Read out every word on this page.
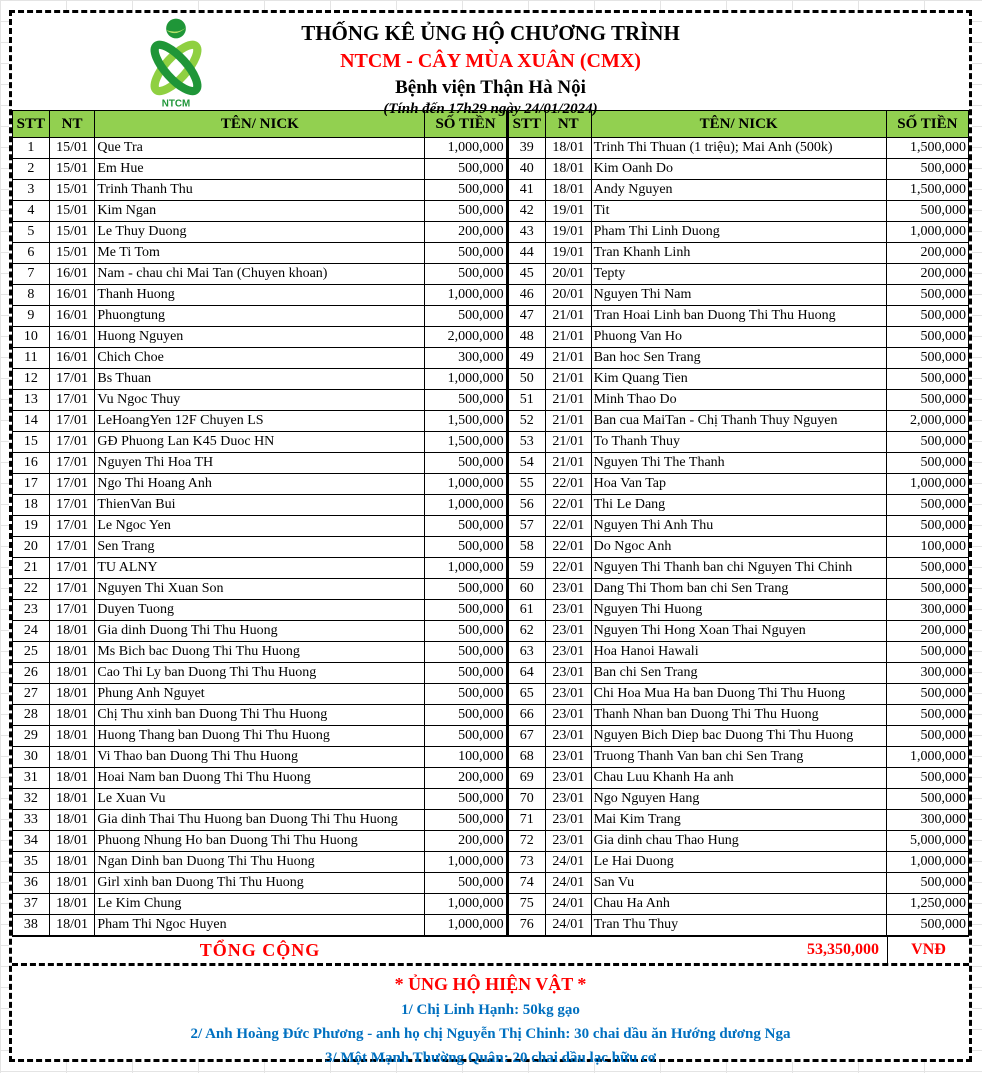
NTCM
THỐNG KÊ ỦNG HỘ CHƯƠNG TRÌNH
NTCM - CÂY MÙA XUÂN (CMX)
Bệnh viện Thận Hà Nội
(Tính đến 17h29 ngày 24/01/2024)
STT	NT	TÊN/ NICK	SỐ TIỀN
1	15/01	Que Tra	1,000,000
2	15/01	Em Hue	500,000
3	15/01	Trinh Thanh Thu	500,000
4	15/01	Kim Ngan	500,000
5	15/01	Le Thuy Duong	200,000
6	15/01	Me Ti Tom	500,000
7	16/01	Nam - chau chi Mai Tan (Chuyen khoan)	500,000
8	16/01	Thanh Huong	1,000,000
9	16/01	Phuongtung	500,000
10	16/01	Huong Nguyen	2,000,000
11	16/01	Chich Choe	300,000
12	17/01	Bs Thuan	1,000,000
13	17/01	Vu Ngoc Thuy	500,000
14	17/01	LeHoangYen 12F Chuyen LS	1,500,000
15	17/01	GĐ Phuong Lan K45 Duoc HN	1,500,000
16	17/01	Nguyen Thi Hoa TH	500,000
17	17/01	Ngo Thi Hoang Anh	1,000,000
18	17/01	ThienVan Bui	1,000,000
19	17/01	Le Ngoc Yen	500,000
20	17/01	Sen Trang	500,000
21	17/01	TU ALNY	1,000,000
22	17/01	Nguyen Thi Xuan Son	500,000
23	17/01	Duyen Tuong	500,000
24	18/01	Gia dinh Duong Thi Thu Huong	500,000
25	18/01	Ms Bich bac Duong Thi Thu Huong	500,000
26	18/01	Cao Thi Ly ban Duong Thi Thu Huong	500,000
27	18/01	Phung Anh Nguyet	500,000
28	18/01	Chị Thu xinh ban Duong Thi Thu Huong	500,000
29	18/01	Huong Thang ban Duong Thi Thu Huong	500,000
30	18/01	Vi Thao ban Duong Thi Thu Huong	100,000
31	18/01	Hoai Nam ban Duong Thi Thu Huong	200,000
32	18/01	Le Xuan Vu	500,000
33	18/01	Gia dinh Thai Thu Huong ban Duong Thi Thu Huong	500,000
34	18/01	Phuong Nhung Ho ban Duong Thi Thu Huong	200,000
35	18/01	Ngan Dinh ban Duong Thi Thu Huong	1,000,000
36	18/01	Girl xinh ban Duong Thi Thu Huong	500,000
37	18/01	Le Kim Chung	1,000,000
38	18/01	Pham Thi Ngoc Huyen	1,000,000
STT	NT	TÊN/ NICK	SỐ TIỀN
39	18/01	Trinh Thi Thuan (1 triệu); Mai Anh (500k)	1,500,000
40	18/01	Kim Oanh Do	500,000
41	18/01	Andy Nguyen	1,500,000
42	19/01	Tit	500,000
43	19/01	Pham Thi Linh Duong	1,000,000
44	19/01	Tran Khanh Linh	200,000
45	20/01	Tepty	200,000
46	20/01	Nguyen Thi Nam	500,000
47	21/01	Tran Hoai Linh ban Duong Thi Thu Huong	500,000
48	21/01	Phuong Van Ho	500,000
49	21/01	Ban hoc Sen Trang	500,000
50	21/01	Kim Quang Tien	500,000
51	21/01	Minh Thao Do	500,000
52	21/01	Ban cua MaiTan - Chị Thanh Thuy Nguyen	2,000,000
53	21/01	To Thanh Thuy	500,000
54	21/01	Nguyen Thi The Thanh	500,000
55	22/01	Hoa Van Tap	1,000,000
56	22/01	Thi Le Dang	500,000
57	22/01	Nguyen Thi Anh Thu	500,000
58	22/01	Do Ngoc Anh	100,000
59	22/01	Nguyen Thi Thanh ban chi Nguyen Thi Chinh	500,000
60	23/01	Dang Thi Thom ban chi Sen Trang	500,000
61	23/01	Nguyen Thi Huong	300,000
62	23/01	Nguyen Thi Hong Xoan Thai Nguyen	200,000
63	23/01	Hoa Hanoi Hawali	500,000
64	23/01	Ban chi Sen Trang	300,000
65	23/01	Chi Hoa Mua Ha ban Duong Thi Thu Huong	500,000
66	23/01	Thanh Nhan ban Duong Thi Thu Huong	500,000
67	23/01	Nguyen Bich Diep bac Duong Thi Thu Huong	500,000
68	23/01	Truong Thanh Van ban chi Sen Trang	1,000,000
69	23/01	Chau Luu Khanh Ha anh	500,000
70	23/01	Ngo Nguyen Hang	500,000
71	23/01	Mai Kim Trang	300,000
72	23/01	Gia dinh chau Thao Hung	5,000,000
73	24/01	Le Hai Duong	1,000,000
74	24/01	San Vu	500,000
75	24/01	Chau Ha Anh	1,250,000
76	24/01	Tran Thu Thuy	500,000
TỔNG CỘNG	53,350,000	VNĐ
* ỦNG HỘ HIỆN VẬT *
1/ Chị Linh Hạnh: 50kg gạo
2/ Anh Hoàng Đức Phương - anh họ chị Nguyễn Thị Chinh: 30 chai dầu ăn Hướng dương Nga
3/ Một Mạnh Thường Quân: 20 chai dầu lạc hữu cơ
